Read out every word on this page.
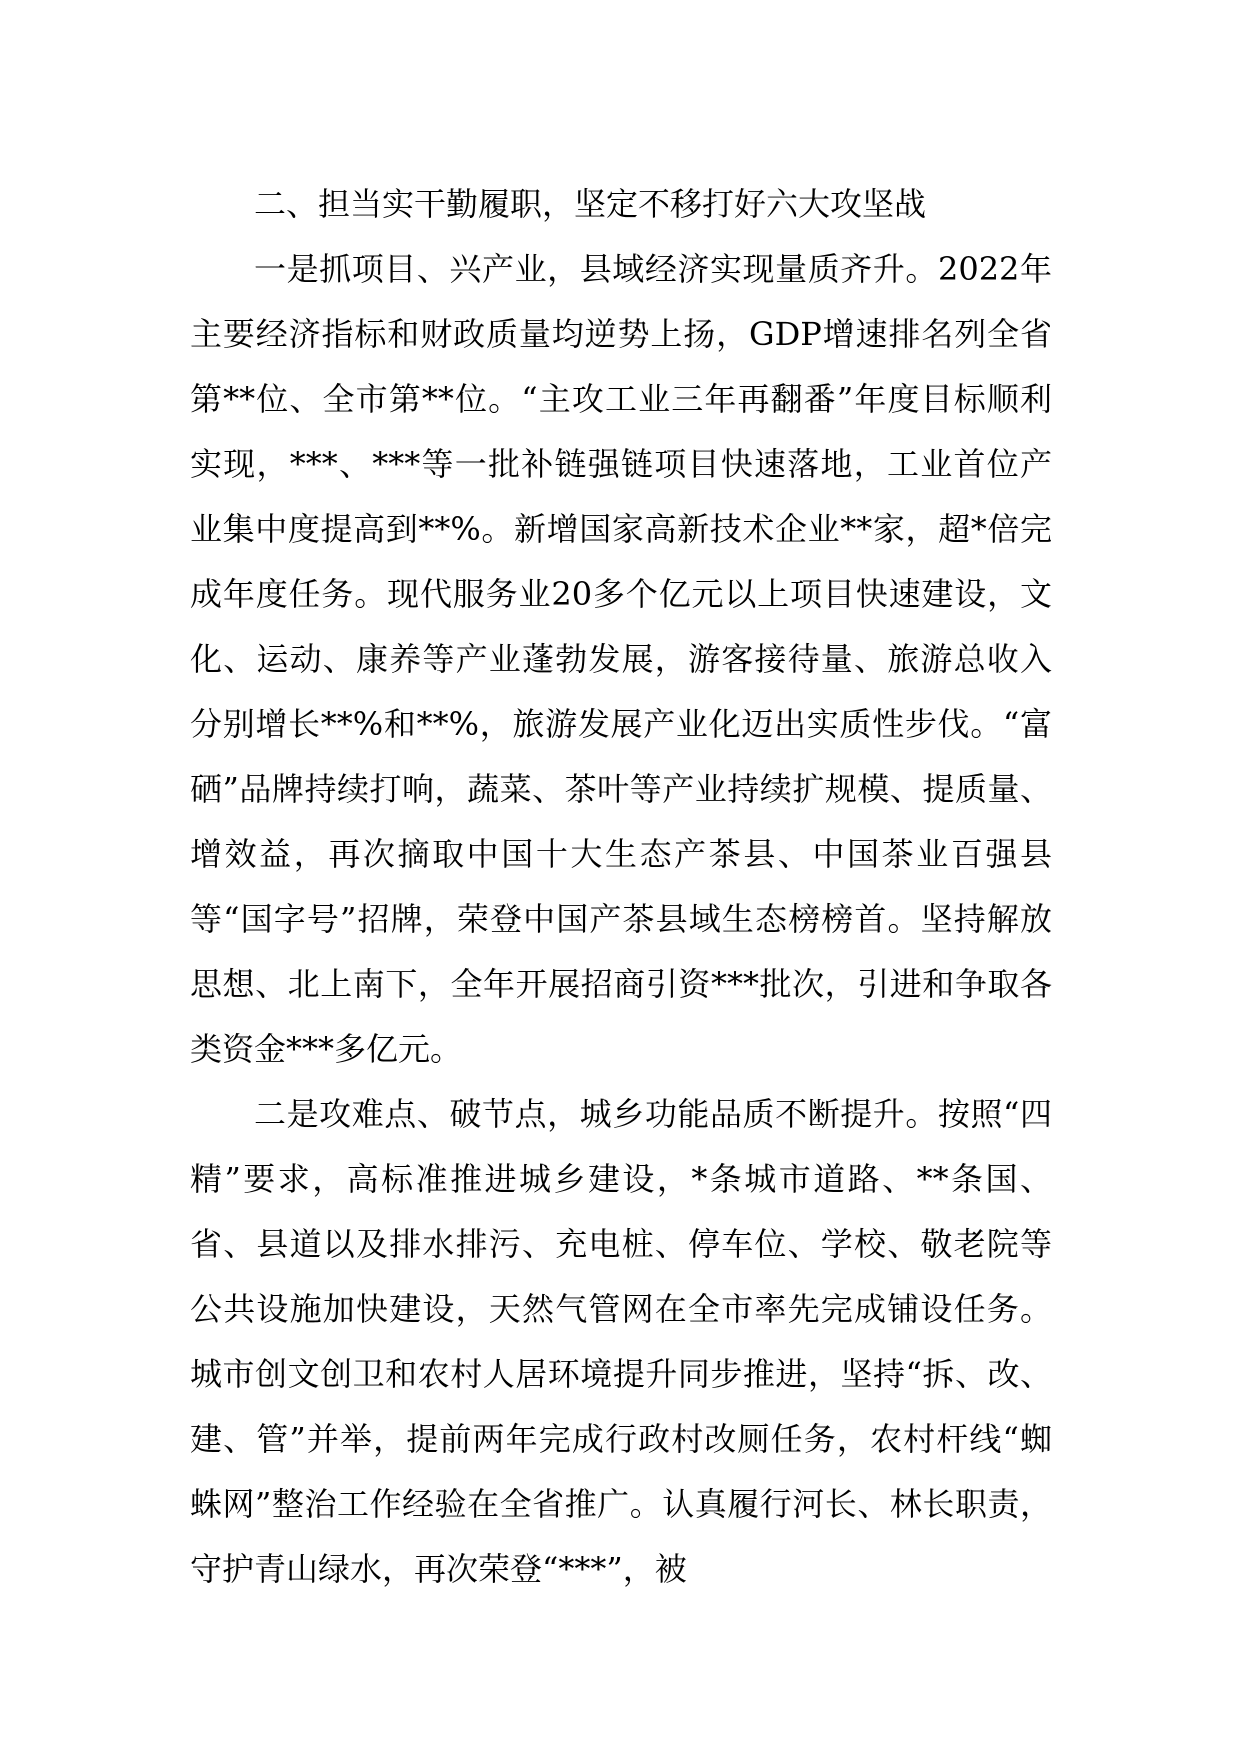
二、担当实干勤履职，坚定不移打好六大攻坚战

一是抓项目、兴产业，县域经济实现量质齐升。2022年主要经济指标和财政质量均逆势上扬，GDP增速排名列全省第**位、全市第**位。“主攻工业三年再翻番”年度目标顺利实现，***、***等一批补链强链项目快速落地，工业首位产业集中度提高到**%。新增国家高新技术企业**家，超*倍完成年度任务。现代服务业20多个亿元以上项目快速建设，文化、运动、康养等产业蓬勃发展，游客接待量、旅游总收入分别增长**%和**%，旅游发展产业化迈出实质性步伐。“富硒”品牌持续打响，蔬菜、茶叶等产业持续扩规模、提质量、增效益，再次摘取中国十大生态产茶县、中国茶业百强县等“国字号”招牌，荣登中国产茶县域生态榜榜首。坚持解放思想、北上南下，全年开展招商引资***批次，引进和争取各类资金***多亿元。

二是攻难点、破节点，城乡功能品质不断提升。按照“四精”要求，高标准推进城乡建设，*条城市道路、**条国、省、县道以及排水排污、充电桩、停车位、学校、敬老院等公共设施加快建设，天然气管网在全市率先完成铺设任务。城市创文创卫和农村人居环境提升同步推进，坚持“拆、改、建、管”并举，提前两年完成行政村改厕任务，农村杆线“蜘蛛网”整治工作经验在全省推广。认真履行河长、林长职责，守护青山绿水，再次荣登“***”，被
